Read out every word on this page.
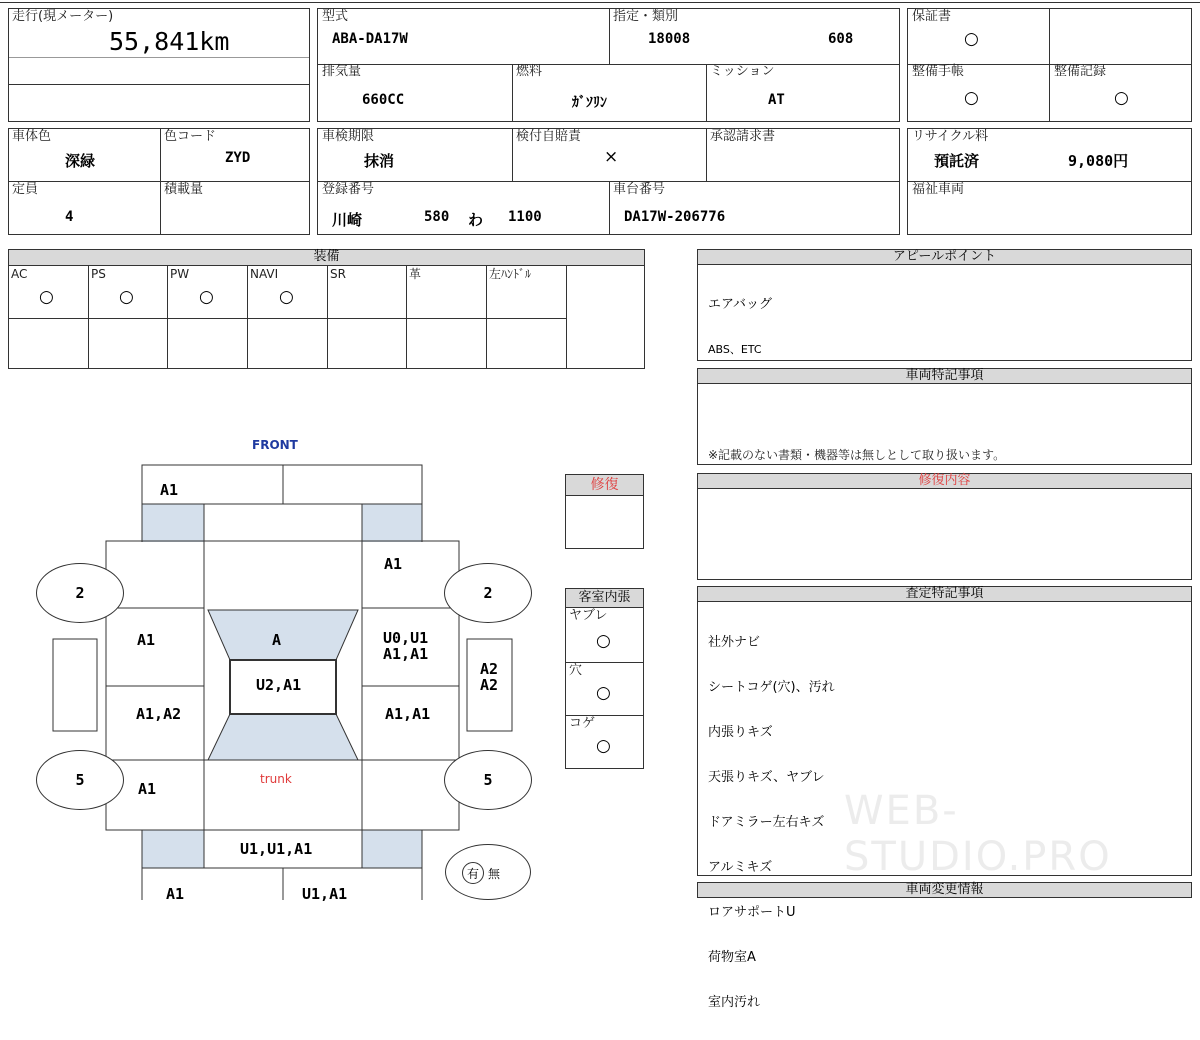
走行(現メーター)
55,841km
型式
ABA-DA17W
指定・類別
18008	608
排気量
660CC
燃料
ｶﾞｿﾘﾝ
ミッション
AT
保証書
○
整備手帳
○
整備記録
○
車体色
深緑
色コード
ZYD
定員
4
積載量
車検期限
抹消
検付自賠責
×
承認請求書
登録番号
川崎	580 わ 1100
車台番号
DA17W-206776
リサイクル料
預託済	9,080円
福祉車両
装備
AC
○
PS
○
PW
○
NAVI
○
SR	革	左ﾊﾝﾄﾞﾙ
アピールポイント

エアバッグ

ABS、ETC

車両特記事項
※記載のない書類・機器等は無しとして取り扱います。
修復内容
査定特記事項

社外ナビ

シートコゲ(穴)、汚れ

内張りキズ

天張りキズ、ヤブレ

ドアミラー左右キズ

アルミキズ

ロアサポートU

荷物室A

室内汚れ

WEB-STUDIO.PRO
車両変更情報
修復
客室内張
ヤブレ
○
穴
○
コゲ
○
FRONT
2	2
5	5
A1
A1
A1	A	U0,U1
A1,A1
U2,A1
A1,A2	A1,A1
A2
A2
A1
trunk
U1,U1,A1
A1	U1,A1
有 無
